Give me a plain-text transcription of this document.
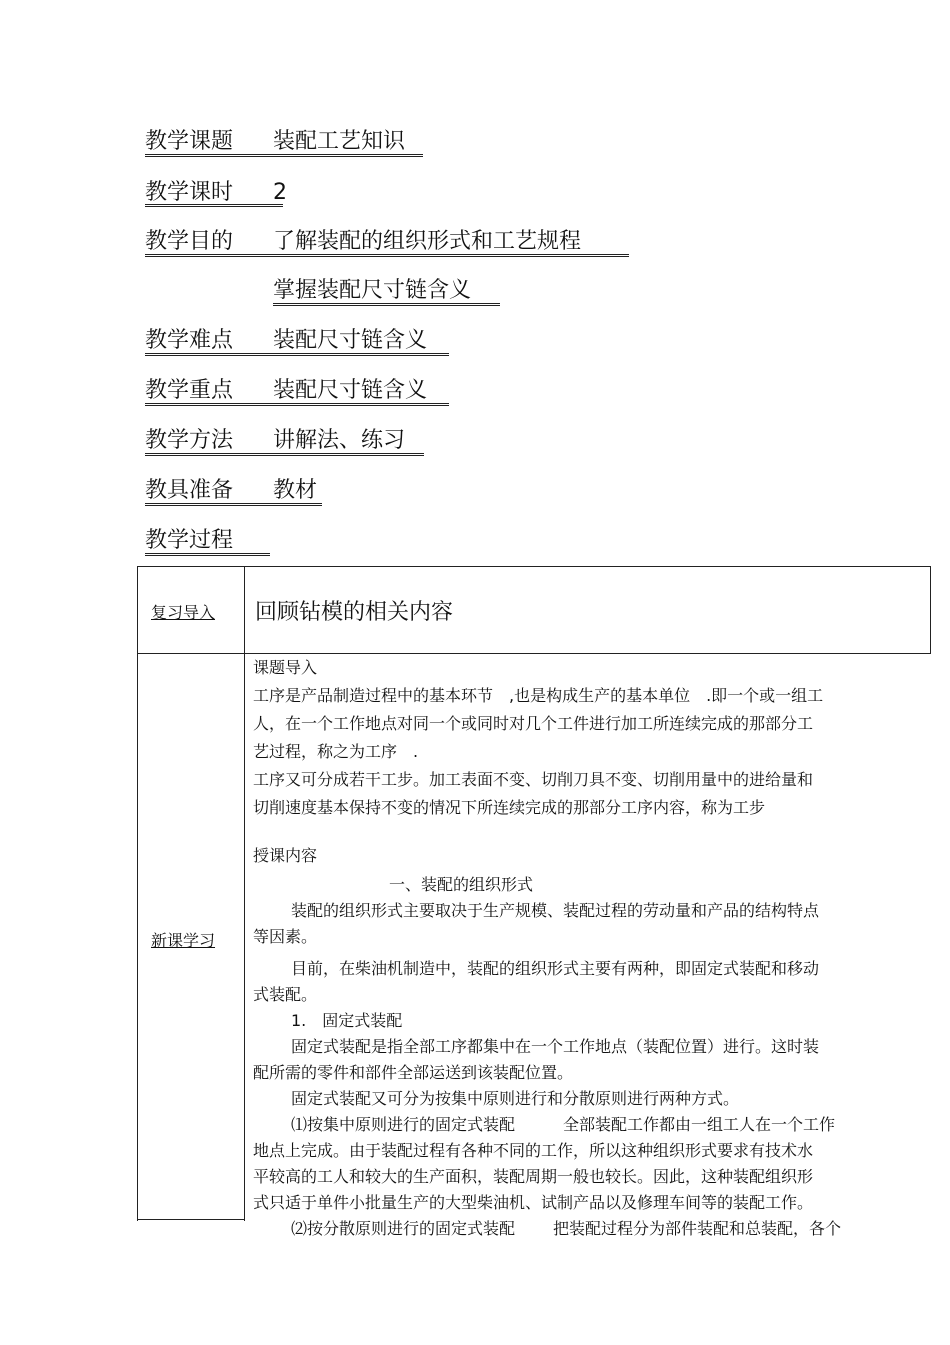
教学课题 装配工艺知识
教学课时 2
教学目的 了解装配的组织形式和工艺规程
掌握装配尺寸链含义
教学难点 装配尺寸链含义
教学重点 装配尺寸链含义
教学方法 讲解法、练习
教具准备 教材
教学过程
复习导入 回顾钻模的相关内容
新课学习

课题导入

工序是产品制造过程中的基本环节　,也是构成生产的基本单位　.即一个或一组工

人，在一个工作地点对同一个或同时对几个工件进行加工所连续完成的那部分工

艺过程，称之为工序　.

工序又可分成若干工步。加工表面不变、切削刀具不变、切削用量中的进给量和

切削速度基本保持不变的情况下所连续完成的那部分工序内容，称为工步

授课内容

一、装配的组织形式

装配的组织形式主要取决于生产规模、装配过程的劳动量和产品的结构特点

等因素。

目前，在柴油机制造中，装配的组织形式主要有两种，即固定式装配和移动

式装配。

1.　固定式装配

固定式装配是指全部工序都集中在一个工作地点（装配位置）进行。这时装

配所需的零件和部件全部运送到该装配位置。

固定式装配又可分为按集中原则进行和分散原则进行两种方式。

⑴按集中原则进行的固定式装配	全部装配工作都由一组工人在一个工作

地点上完成。由于装配过程有各种不同的工作，所以这种组织形式要求有技术水

平较高的工人和较大的生产面积，装配周期一般也较长。因此，这种装配组织形

式只适于单件小批量生产的大型柴油机、试制产品以及修理车间等的装配工作。

⑵按分散原则进行的固定式装配 把装配过程分为部件装配和总装配，各个
